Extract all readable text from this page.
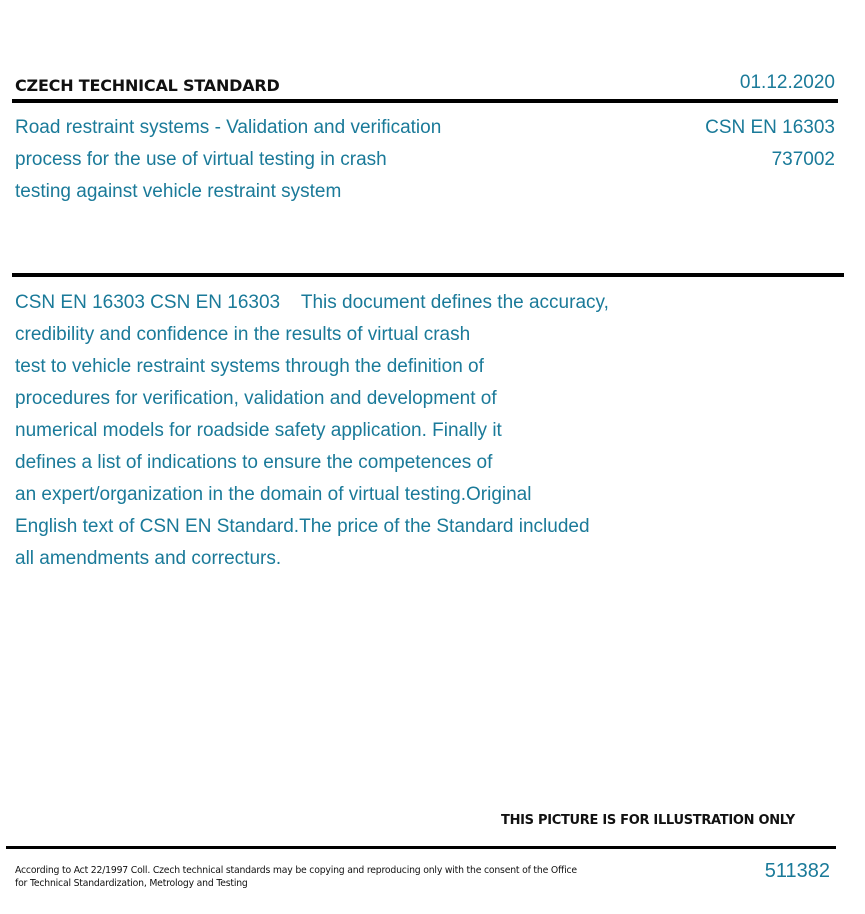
CZECH TECHNICAL STANDARD	01.12.2020
Road restraint systems - Validation and verification
process for the use of virtual testing in crash
testing against vehicle restraint system
CSN EN 16303
737002
CSN EN 16303 CSN EN 16303    This document defines the accuracy,
credibility and confidence in the results of virtual crash
test to vehicle restraint systems through the definition of
procedures for verification, validation and development of
numerical models for roadside safety application. Finally it
defines a list of indications to ensure the competences of
an expert/organization in the domain of virtual testing.Original
English text of CSN EN Standard.The price of the Standard included
all amendments and correcturs.
THIS PICTURE IS FOR ILLUSTRATION ONLY
According to Act 22/1997 Coll. Czech technical standards may be copying and reproducing only with the consent of the Office
for Technical Standardization, Metrology and Testing
511382
